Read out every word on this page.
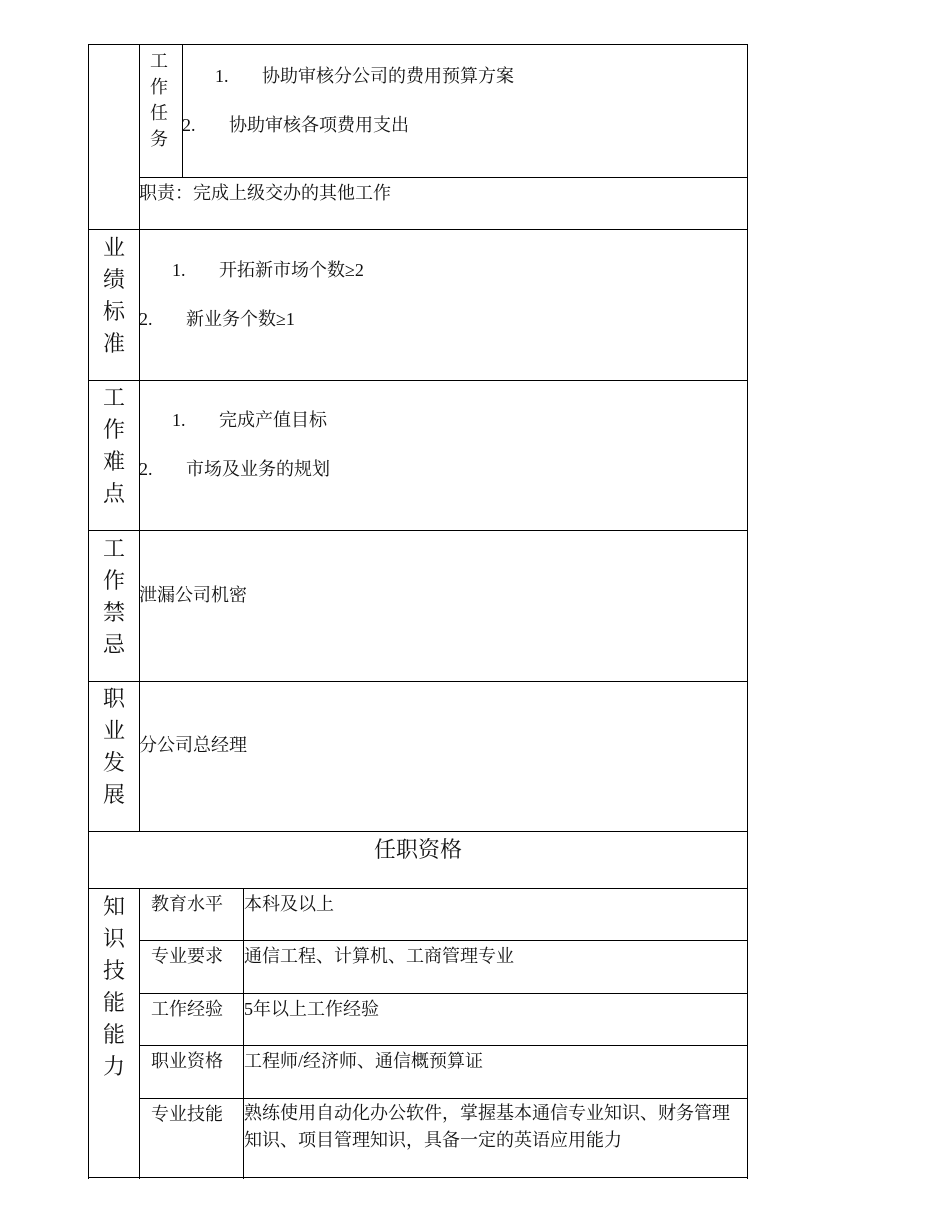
工
作
任
务
1. 协助审核分公司的费用预算方案
2. 协助审核各项费用支出
职责：完成上级交办的其他工作
业
绩
标
准
1. 开拓新市场个数≥2
2. 新业务个数≥1
工
作
难
点
1. 完成产值目标
2. 市场及业务的规划
工
作
禁
忌
泄漏公司机密
职
业
发
展
分公司总经理
任职资格
知
识
技
能
能
力
教育水平 本科及以上
专业要求 通信工程、计算机、工商管理专业
工作经验 5年以上工作经验
职业资格 工程师/经济师、通信概预算证
专业技能 熟练使用自动化办公软件，掌握基本通信专业知识、财务管理知识、项目管理知识，具备一定的英语应用能力
